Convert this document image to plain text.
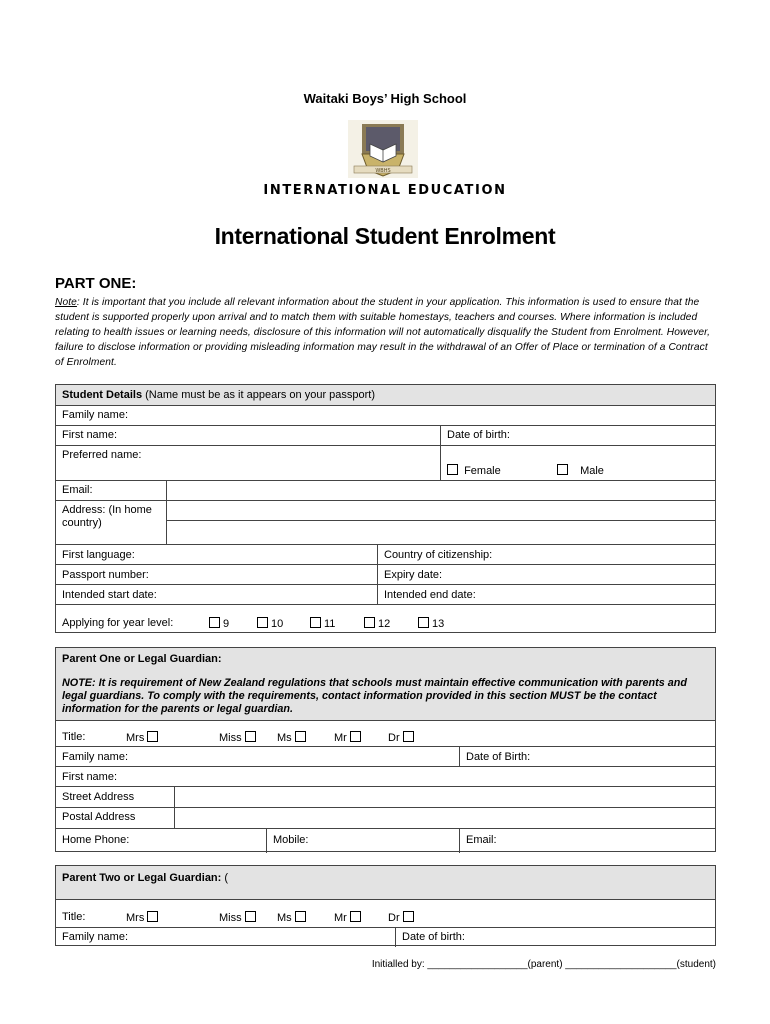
Waitaki Boys’ High School
WBHS
INTERNATIONAL EDUCATION
International Student Enrolment
PART ONE:
Note: It is important that you include all relevant information about the student in your application. This information is used to ensure that the student is supported properly upon arrival and to match them with suitable homestays, teachers and courses. Where information is included relating to health issues or learning needs, disclosure of this information will not automatically disqualify the Student from Enrolment. However, failure to disclose information or providing misleading information may result in the withdrawal of an Offer of Place or termination of a Contract of Enrolment.
Student Details (Name must be as it appears on your passport)
Family name:
First name:	Date of birth:
Preferred name:
Female	Male
Email:
Address: (In home
country)
First language:	Country of citizenship:
Passport number:	Expiry date:
Intended start date:	Intended end date:
Applying for year level:	9	10	11	12	13
Parent One or Legal Guardian:
NOTE: It is requirement of New Zealand regulations that schools must maintain effective communication with parents and legal guardians. To comply with the requirements, contact information provided in this section MUST be the contact information for the parents or legal guardian.
Title:	Mrs	Miss	Ms	Mr	Dr
Family name:	Date of Birth:
First name:
Street Address
Postal Address
Home Phone:	Mobile:	Email:
Parent Two or Legal Guardian: (
Title:	Mrs	Miss	Ms	Mr	Dr
Family name:	Date of birth:
Initialled by: __________________(parent) ____________________(student)
